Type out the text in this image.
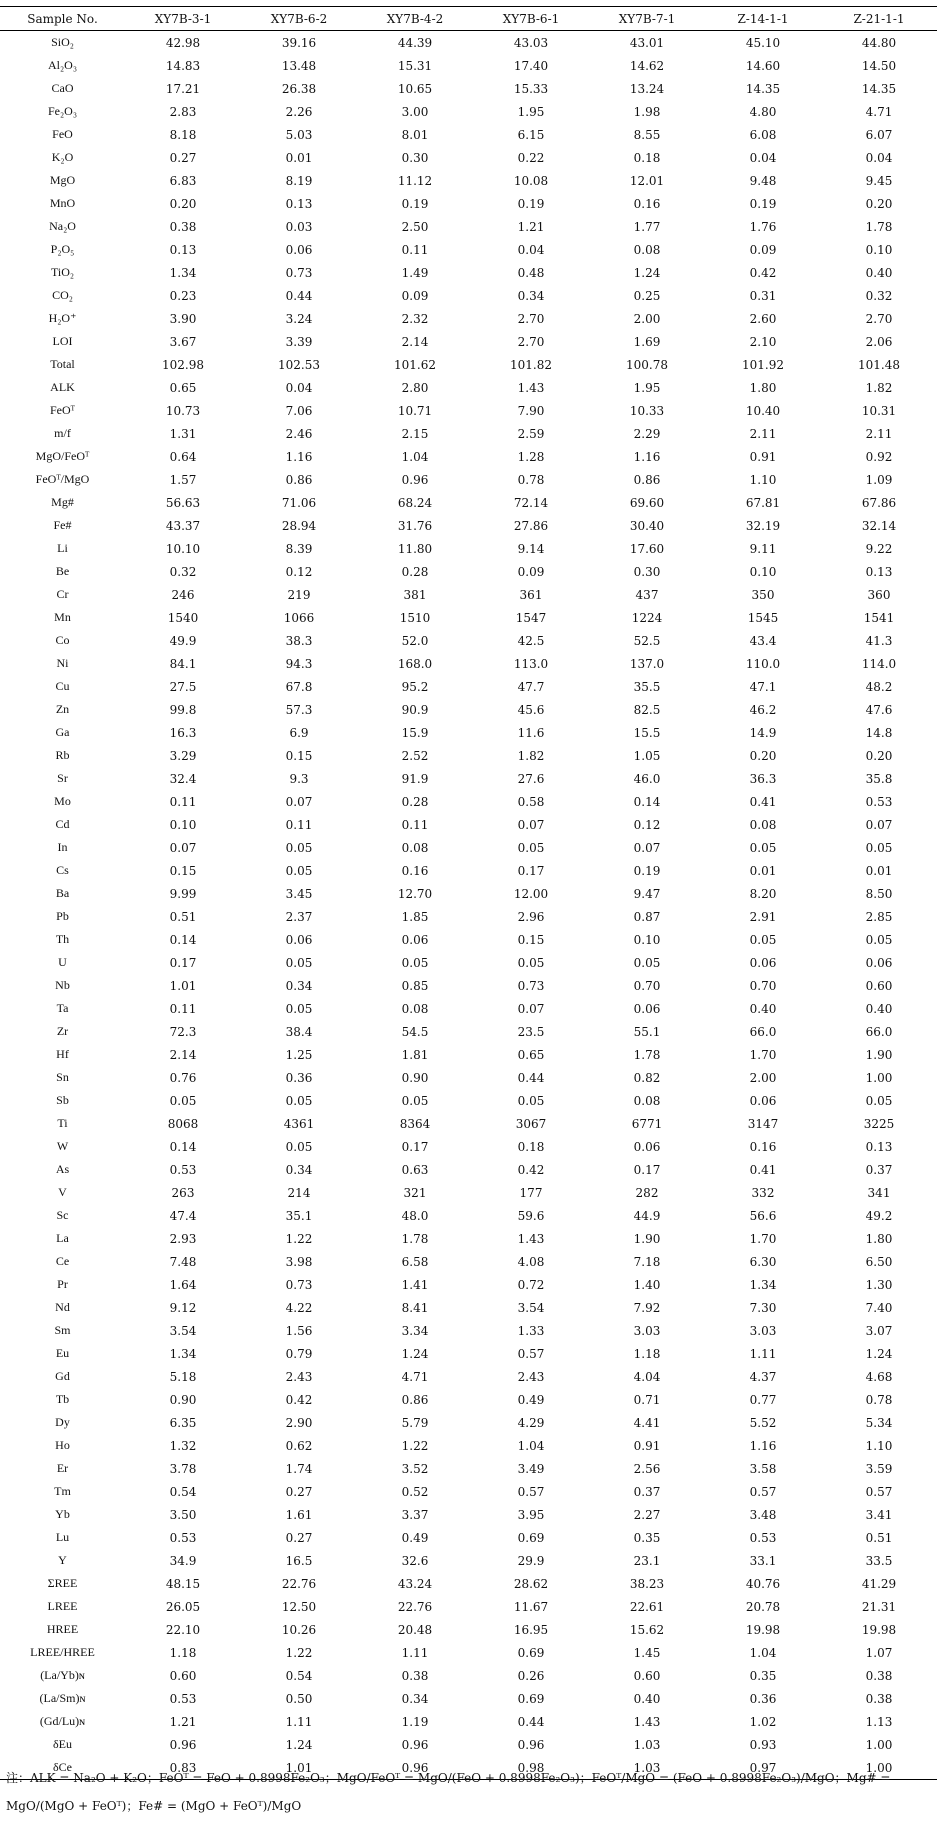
Sample No.	XY7B-3-1	XY7B-6-2	XY7B-4-2	XY7B-6-1	XY7B-7-1	Z-14-1-1	Z-21-1-1
SiO₂	42.98	39.16	44.39	43.03	43.01	45.10	44.80
Al₂O₃	14.83	13.48	15.31	17.40	14.62	14.60	14.50
CaO	17.21	26.38	10.65	15.33	13.24	14.35	14.35
Fe₂O₃	2.83	2.26	3.00	1.95	1.98	4.80	4.71
FeO	8.18	5.03	8.01	6.15	8.55	6.08	6.07
K₂O	0.27	0.01	0.30	0.22	0.18	0.04	0.04
MgO	6.83	8.19	11.12	10.08	12.01	9.48	9.45
MnO	0.20	0.13	0.19	0.19	0.16	0.19	0.20
Na₂O	0.38	0.03	2.50	1.21	1.77	1.76	1.78
P₂O₅	0.13	0.06	0.11	0.04	0.08	0.09	0.10
TiO₂	1.34	0.73	1.49	0.48	1.24	0.42	0.40
CO₂	0.23	0.44	0.09	0.34	0.25	0.31	0.32
H₂O⁺	3.90	3.24	2.32	2.70	2.00	2.60	2.70
LOI	3.67	3.39	2.14	2.70	1.69	2.10	2.06
Total	102.98	102.53	101.62	101.82	100.78	101.92	101.48
ALK	0.65	0.04	2.80	1.43	1.95	1.80	1.82
FeOᵀ	10.73	7.06	10.71	7.90	10.33	10.40	10.31
m/f	1.31	2.46	2.15	2.59	2.29	2.11	2.11
MgO/FeOᵀ	0.64	1.16	1.04	1.28	1.16	0.91	0.92
FeOᵀ/MgO	1.57	0.86	0.96	0.78	0.86	1.10	1.09
Mg#	56.63	71.06	68.24	72.14	69.60	67.81	67.86
Fe#	43.37	28.94	31.76	27.86	30.40	32.19	32.14
Li	10.10	8.39	11.80	9.14	17.60	9.11	9.22
Be	0.32	0.12	0.28	0.09	0.30	0.10	0.13
Cr	246	219	381	361	437	350	360
Mn	1540	1066	1510	1547	1224	1545	1541
Co	49.9	38.3	52.0	42.5	52.5	43.4	41.3
Ni	84.1	94.3	168.0	113.0	137.0	110.0	114.0
Cu	27.5	67.8	95.2	47.7	35.5	47.1	48.2
Zn	99.8	57.3	90.9	45.6	82.5	46.2	47.6
Ga	16.3	6.9	15.9	11.6	15.5	14.9	14.8
Rb	3.29	0.15	2.52	1.82	1.05	0.20	0.20
Sr	32.4	9.3	91.9	27.6	46.0	36.3	35.8
Mo	0.11	0.07	0.28	0.58	0.14	0.41	0.53
Cd	0.10	0.11	0.11	0.07	0.12	0.08	0.07
In	0.07	0.05	0.08	0.05	0.07	0.05	0.05
Cs	0.15	0.05	0.16	0.17	0.19	0.01	0.01
Ba	9.99	3.45	12.70	12.00	9.47	8.20	8.50
Pb	0.51	2.37	1.85	2.96	0.87	2.91	2.85
Th	0.14	0.06	0.06	0.15	0.10	0.05	0.05
U	0.17	0.05	0.05	0.05	0.05	0.06	0.06
Nb	1.01	0.34	0.85	0.73	0.70	0.70	0.60
Ta	0.11	0.05	0.08	0.07	0.06	0.40	0.40
Zr	72.3	38.4	54.5	23.5	55.1	66.0	66.0
Hf	2.14	1.25	1.81	0.65	1.78	1.70	1.90
Sn	0.76	0.36	0.90	0.44	0.82	2.00	1.00
Sb	0.05	0.05	0.05	0.05	0.08	0.06	0.05
Ti	8068	4361	8364	3067	6771	3147	3225
W	0.14	0.05	0.17	0.18	0.06	0.16	0.13
As	0.53	0.34	0.63	0.42	0.17	0.41	0.37
V	263	214	321	177	282	332	341
Sc	47.4	35.1	48.0	59.6	44.9	56.6	49.2
La	2.93	1.22	1.78	1.43	1.90	1.70	1.80
Ce	7.48	3.98	6.58	4.08	7.18	6.30	6.50
Pr	1.64	0.73	1.41	0.72	1.40	1.34	1.30
Nd	9.12	4.22	8.41	3.54	7.92	7.30	7.40
Sm	3.54	1.56	3.34	1.33	3.03	3.03	3.07
Eu	1.34	0.79	1.24	0.57	1.18	1.11	1.24
Gd	5.18	2.43	4.71	2.43	4.04	4.37	4.68
Tb	0.90	0.42	0.86	0.49	0.71	0.77	0.78
Dy	6.35	2.90	5.79	4.29	4.41	5.52	5.34
Ho	1.32	0.62	1.22	1.04	0.91	1.16	1.10
Er	3.78	1.74	3.52	3.49	2.56	3.58	3.59
Tm	0.54	0.27	0.52	0.57	0.37	0.57	0.57
Yb	3.50	1.61	3.37	3.95	2.27	3.48	3.41
Lu	0.53	0.27	0.49	0.69	0.35	0.53	0.51
Y	34.9	16.5	32.6	29.9	23.1	33.1	33.5
ΣREE	48.15	22.76	43.24	28.62	38.23	40.76	41.29
LREE	26.05	12.50	22.76	11.67	22.61	20.78	21.31
HREE	22.10	10.26	20.48	16.95	15.62	19.98	19.98
LREE/HREE	1.18	1.22	1.11	0.69	1.45	1.04	1.07
(La/Yb)ɴ	0.60	0.54	0.38	0.26	0.60	0.35	0.38
(La/Sm)ɴ	0.53	0.50	0.34	0.69	0.40	0.36	0.38
(Gd/Lu)ɴ	1.21	1.11	1.19	0.44	1.43	1.02	1.13
δEu	0.96	1.24	0.96	0.96	1.03	0.93	1.00
δCe	0.83	1.01	0.96	0.98	1.03	0.97	1.00
注：ALK = Na₂O + K₂O；FeOᵀ = FeO + 0.8998Fe₂O₃；MgO/FeOᵀ = MgO/(FeO + 0.8998Fe₂O₃)；FeOᵀ/MgO = (FeO + 0.8998Fe₂O₃)/MgO；Mg# = MgO/(MgO + FeOᵀ)；Fe# = (MgO + FeOᵀ)/MgO
